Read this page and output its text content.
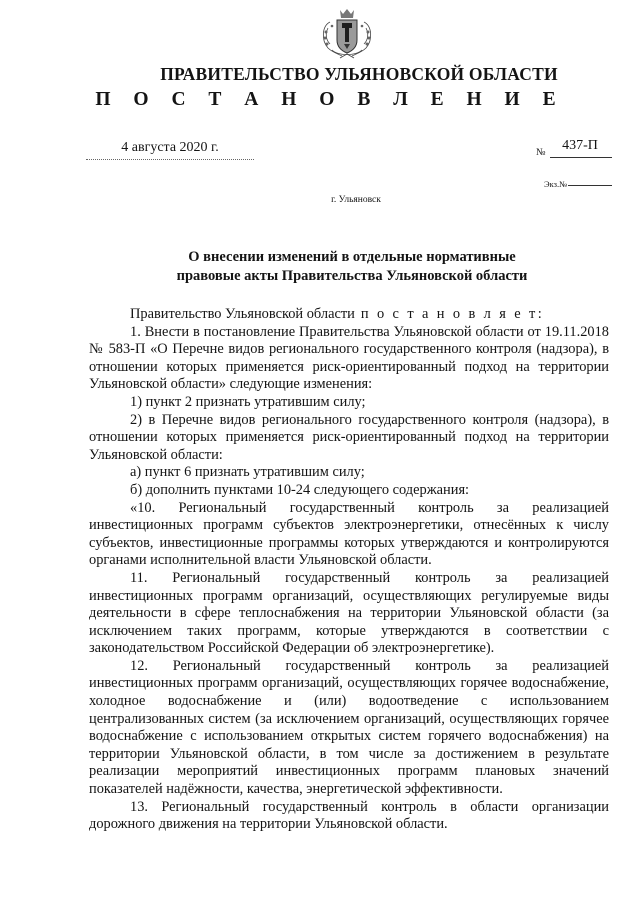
ПРАВИТЕЛЬСТВО УЛЬЯНОВСКОЙ ОБЛАСТИ
П О С Т А Н О В Л Е Н И Е
4 августа 2020 г.	№	437-П
Экз.№
г. Ульяновск
О внесении изменений в отдельные нормативные
правовые акты Правительства Ульяновской области

Правительство Ульяновской области п о с т а н о в л я е т:

1. Внести в постановление Правительства Ульяновской области от 19.11.2018 № 583-П «О Перечне видов регионального государственного контроля (надзора), в отношении которых применяется риск-ориентированный подход на территории Ульяновской области» следующие изменения:

1) пункт 2 признать утратившим силу;

2) в Перечне видов регионального государственного контроля (надзора), в отношении которых применяется риск-ориентированный подход на территории Ульяновской области:

а) пункт 6 признать утратившим силу;

б) дополнить пунктами 10-24 следующего содержания:

«10. Региональный государственный контроль за реализацией инвестиционных программ субъектов электроэнергетики, отнесённых к числу субъектов, инвестиционные программы которых утверждаются и контролируются органами исполнительной власти Ульяновской области.

11. Региональный государственный контроль за реализацией инвестиционных программ организаций, осуществляющих регулируемые виды деятельности в сфере теплоснабжения на территории Ульяновской области (за исключением таких программ, которые утверждаются в соответствии с законодательством Российской Федерации об электроэнергетике).

12. Региональный государственный контроль за реализацией инвестиционных программ организаций, осуществляющих горячее водоснабжение, холодное водоснабжение и (или) водоотведение с использованием централизованных систем (за исключением организаций, осуществляющих горячее водоснабжение с использованием открытых систем горячего водоснабжения) на территории Ульяновской области, в том числе за достижением в результате реализации мероприятий инвестиционных программ плановых значений показателей надёжности, качества, энергетической эффективности.

13. Региональный государственный контроль в области организации дорожного движения на территории Ульяновской области.
